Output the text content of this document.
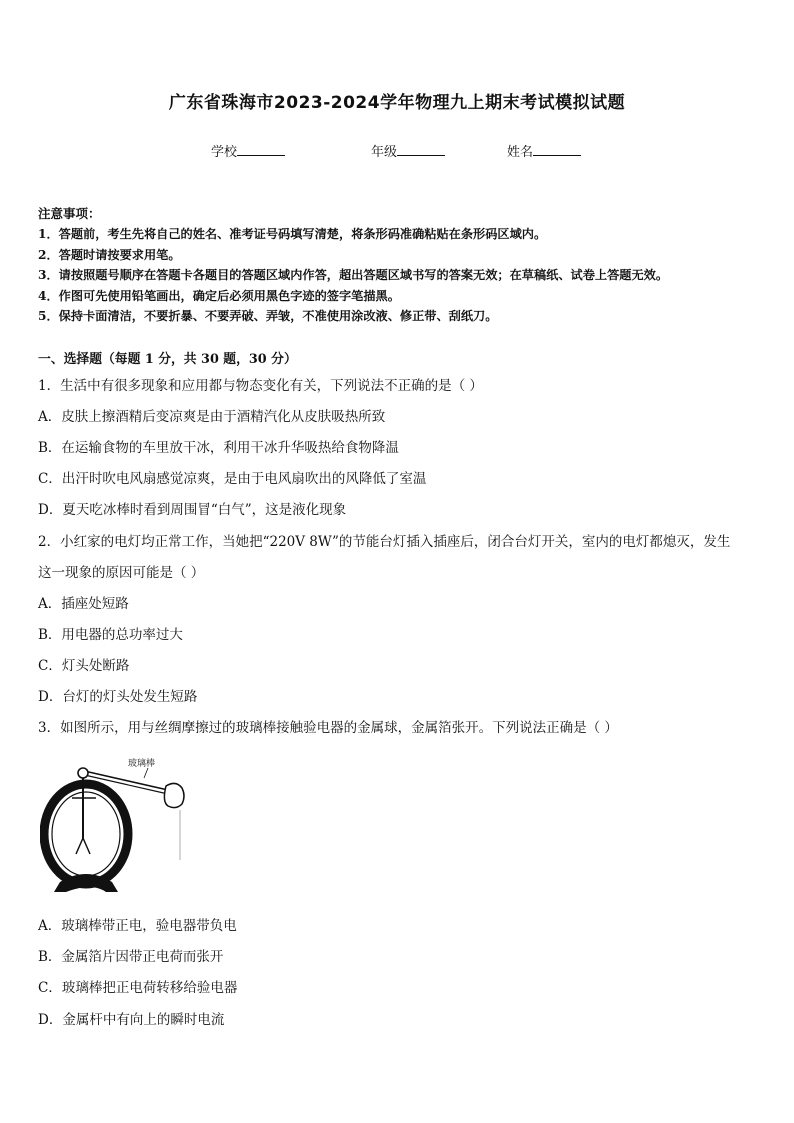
广东省珠海市2023-2024学年物理九上期末考试模拟试题
学校	年级	姓名
注意事项：
1．答题前，考生先将自己的姓名、准考证号码填写清楚，将条形码准确粘贴在条形码区域内。
2．答题时请按要求用笔。
3．请按照题号顺序在答题卡各题目的答题区域内作答，超出答题区域书写的答案无效；在草稿纸、试卷上答题无效。
4．作图可先使用铅笔画出，确定后必须用黑色字迹的签字笔描黑。
5．保持卡面清洁，不要折暴、不要弄破、弄皱，不准使用涂改液、修正带、刮纸刀。
一、选择题（每题 1 分，共 30 题，30 分）
1．生活中有很多现象和应用都与物态变化有关，下列说法不正确的是（ ）
A．皮肤上擦酒精后变凉爽是由于酒精汽化从皮肤吸热所致
B．在运输食物的车里放干冰，利用干冰升华吸热给食物降温
C．出汗时吹电风扇感觉凉爽，是由于电风扇吹出的风降低了室温
D．夏天吃冰棒时看到周围冒“白气”，这是液化现象
2．小红家的电灯均正常工作，当她把“220V 8W”的节能台灯插入插座后，闭合台灯开关，室内的电灯都熄灭，发生
这一现象的原因可能是（ ）
A．插座处短路
B．用电器的总功率过大
C．灯头处断路
D．台灯的灯头处发生短路
3．如图所示，用与丝绸摩擦过的玻璃棒接触验电器的金属球，金属箔张开。下列说法正确是（ ）
玻璃棒
A．玻璃棒带正电，验电器带负电
B．金属箔片因带正电荷而张开
C．玻璃棒把正电荷转移给验电器
D．金属杆中有向上的瞬时电流
